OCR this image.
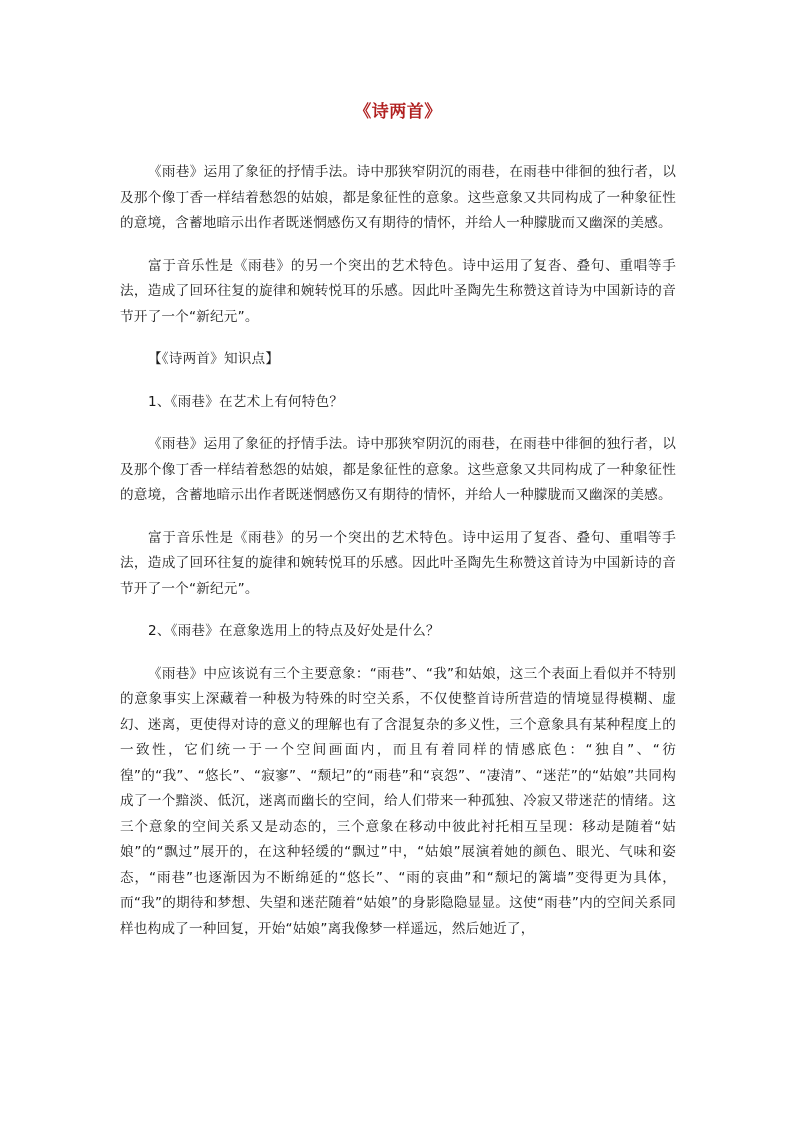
《诗两首》

《雨巷》运用了象征的抒情手法。诗中那狭窄阴沉的雨巷，在雨巷中徘徊的独行者，以及那个像丁香一样结着愁怨的姑娘，都是象征性的意象。这些意象又共同构成了一种象征性的意境，含蓄地暗示出作者既迷惘感伤又有期待的情怀，并给人一种朦胧而又幽深的美感。

富于音乐性是《雨巷》的另一个突出的艺术特色。诗中运用了复沓、叠句、重唱等手法，造成了回环往复的旋律和婉转悦耳的乐感。因此叶圣陶先生称赞这首诗为中国新诗的音节开了一个“新纪元”。

【《诗两首》知识点】

1、《雨巷》在艺术上有何特色？

《雨巷》运用了象征的抒情手法。诗中那狭窄阴沉的雨巷，在雨巷中徘徊的独行者，以及那个像丁香一样结着愁怨的姑娘，都是象征性的意象。这些意象又共同构成了一种象征性的意境，含蓄地暗示出作者既迷惘感伤又有期待的情怀，并给人一种朦胧而又幽深的美感。

富于音乐性是《雨巷》的另一个突出的艺术特色。诗中运用了复沓、叠句、重唱等手法，造成了回环往复的旋律和婉转悦耳的乐感。因此叶圣陶先生称赞这首诗为中国新诗的音节开了一个“新纪元”。

2、《雨巷》在意象选用上的特点及好处是什么？

《雨巷》中应该说有三个主要意象：“雨巷”、“我”和姑娘，这三个表面上看似并不特别的意象事实上深藏着一种极为特殊的时空关系，不仅使整首诗所营造的情境显得模糊、虚幻、迷离，更使得对诗的意义的理解也有了含混复杂的多义性，三个意象具有某种程度上的一致性，它们统一于一个空间画面内，而且有着同样的情感底色：“独自”、“彷徨”的“我”、“悠长”、“寂寥”、“颓圮”的“雨巷”和“哀怨”、“凄清”、“迷茫”的“姑娘”共同构成了一个黯淡、低沉，迷离而幽长的空间，给人们带来一种孤独、冷寂又带迷茫的情绪。这三个意象的空间关系又是动态的，三个意象在移动中彼此衬托相互呈现：移动是随着“姑娘”的“飘过”展开的，在这种轻缓的“飘过”中，“姑娘”展演着她的颜色、眼光、气味和姿态，“雨巷”也逐渐因为不断绵延的“悠长”、“雨的哀曲”和“颓圮的篱墙”变得更为具体，而“我”的期待和梦想、失望和迷茫随着“姑娘”的身影隐隐显显。这使“雨巷”内的空间关系同样也构成了一种回复，开始“姑娘”离我像梦一样遥远，然后她近了，
